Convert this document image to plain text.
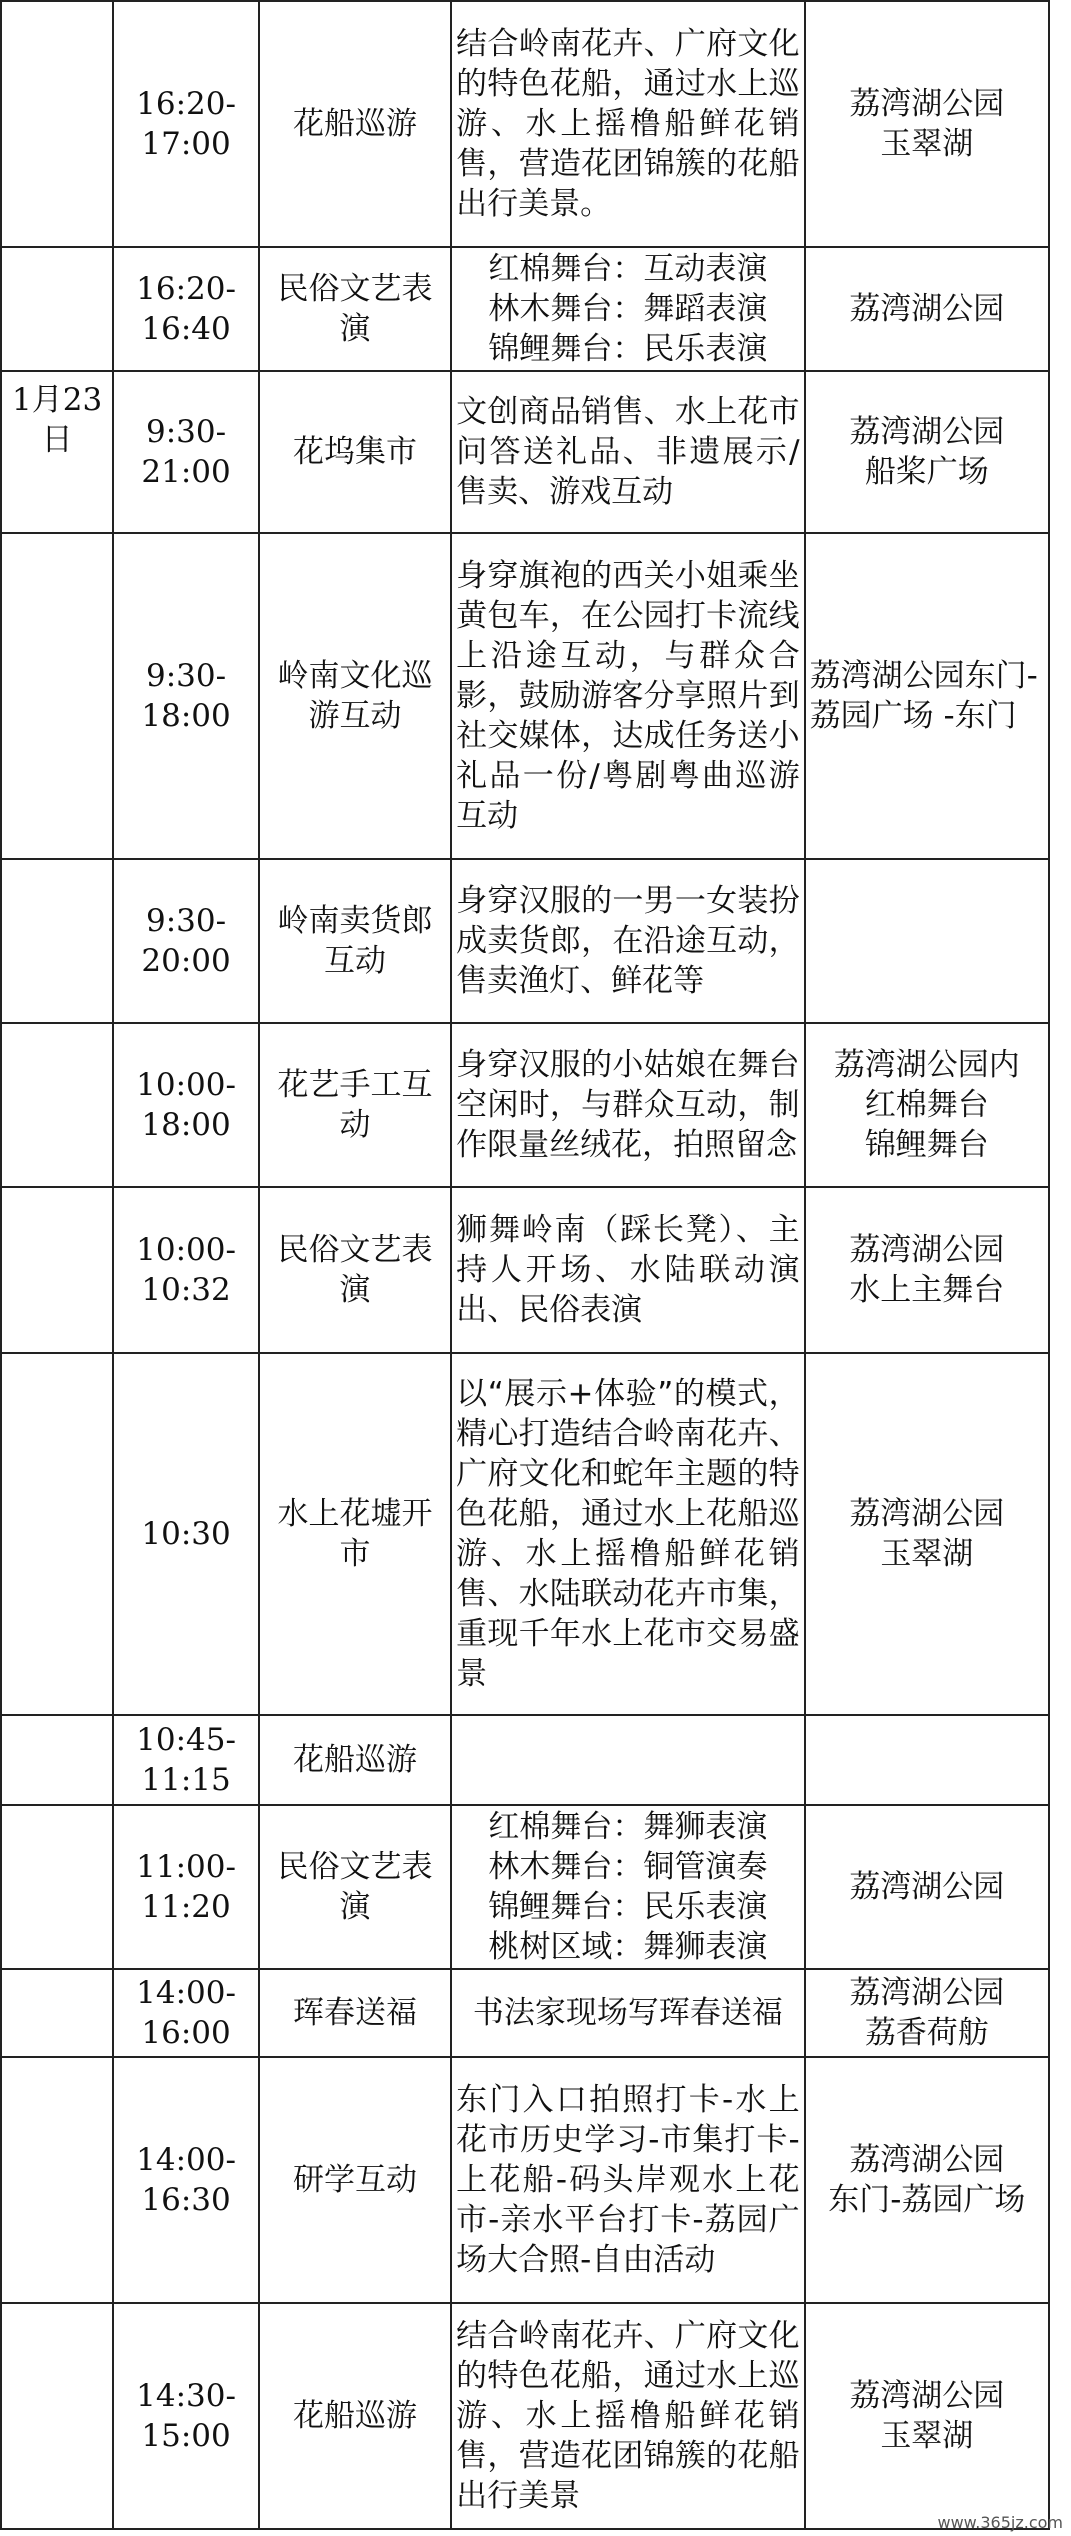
	16:20-
17:00	花船巡游	结合岭南花卉、广府文化的特色花船，通过水上巡游、水上摇橹船鲜花销售，营造花团锦簇的花船出行美景。	荔湾湖公园
玉翠湖

	16:20-
16:40	民俗文艺表演	红棉舞台：互动表演
林木舞台：舞蹈表演
锦鲤舞台：民乐表演	荔湾湖公园

1月23日	9:30-
21:00	花坞集市	文创商品销售、水上花市问答送礼品、非遗展示/售卖、游戏互动	荔湾湖公园
船桨广场

	9:30-
18:00	岭南文化巡游互动	身穿旗袍的西关小姐乘坐黄包车，在公园打卡流线上沿途互动，与群众合影，鼓励游客分享照片到社交媒体，达成任务送小礼品一份/粤剧粤曲巡游互动	荔湾湖公园东门-荔园广场 -东门

	9:30-
20:00	岭南卖货郎互动	身穿汉服的一男一女装扮成卖货郎，在沿途互动，售卖渔灯、鲜花等	

	10:00-
18:00	花艺手工互动	身穿汉服的小姑娘在舞台空闲时，与群众互动，制作限量丝绒花，拍照留念	荔湾湖公园内
红棉舞台
锦鲤舞台

	10:00-
10:32	民俗文艺表演	狮舞岭南（踩长凳）、主持人开场、水陆联动演出、民俗表演	荔湾湖公园
水上主舞台

	10:30	水上花墟开市	以“展示+体验”的模式，精心打造结合岭南花卉、广府文化和蛇年主题的特色花船，通过水上花船巡游、水上摇橹船鲜花销售、水陆联动花卉市集，重现千年水上花市交易盛景	荔湾湖公园
玉翠湖

	10:45-
11:15	花船巡游		

	11:00-
11:20	民俗文艺表演	红棉舞台：舞狮表演
林木舞台：铜管演奏
锦鲤舞台：民乐表演
桃树区域：舞狮表演	荔湾湖公园

	14:00-
16:00	珲春送福	书法家现场写珲春送福	荔湾湖公园
荔香荷舫

	14:00-
16:30	研学互动	东门入口拍照打卡-水上花市历史学习-市集打卡-上花船-码头岸观水上花市-亲水平台打卡-荔园广场大合照-自由活动	荔湾湖公园
东门-荔园广场

	14:30-
15:00	花船巡游	结合岭南花卉、广府文化的特色花船，通过水上巡游、水上摇橹船鲜花销售，营造花团锦簇的花船出行美景	荔湾湖公园
玉翠湖
www.365jz.com
